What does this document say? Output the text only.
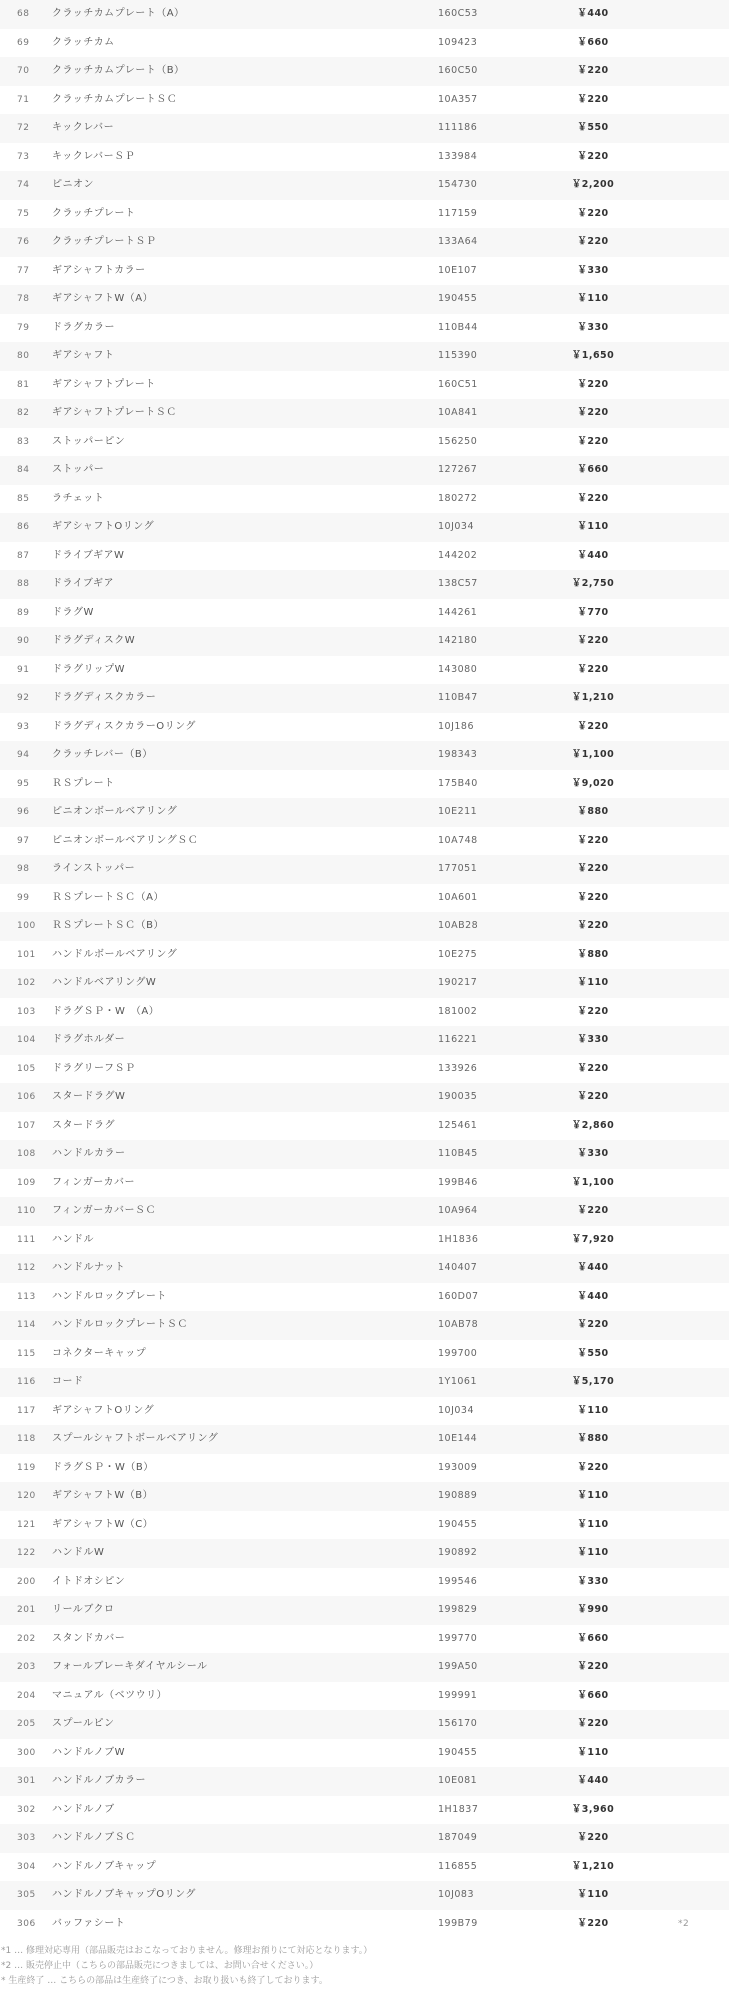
68 クラッチカムプレート（A）	160C53	￥440
69 クラッチカム	109423	￥660
70 クラッチカムプレート（B）	160C50	￥220
71 クラッチカムプレートＳＣ	10A357	￥220
72 キックレバー	111186	￥550
73 キックレバーＳＰ	133984	￥220
74 ピニオン	154730	￥2,200
75 クラッチプレート	117159	￥220
76 クラッチプレートＳＰ	133A64	￥220
77 ギアシャフトカラー	10E107	￥330
78 ギアシャフトW（A）	190455	￥110
79 ドラグカラー	110B44	￥330
80 ギアシャフト	115390	￥1,650
81 ギアシャフトプレート	160C51	￥220
82 ギアシャフトプレートＳＣ	10A841	￥220
83 ストッパーピン	156250	￥220
84 ストッパー	127267	￥660
85 ラチェット	180272	￥220
86 ギアシャフトOリング	10J034	￥110
87 ドライブギアW	144202	￥440
88 ドライブギア	138C57	￥2,750
89 ドラグW	144261	￥770
90 ドラグディスクW	142180	￥220
91 ドラグリップW	143080	￥220
92 ドラグディスクカラー	110B47	￥1,210
93 ドラグディスクカラーOリング	10J186	￥220
94 クラッチレバー（B）	198343	￥1,100
95 ＲＳプレート	175B40	￥9,020
96 ピニオンボールベアリング	10E211	￥880
97 ピニオンボールベアリングＳＣ	10A748	￥220
98 ラインストッパー	177051	￥220
99 ＲＳプレートＳＣ（A）	10A601	￥220
100 ＲＳプレートＳＣ（B）	10AB28	￥220
101 ハンドルボールベアリング	10E275	￥880
102 ハンドルベアリングW	190217	￥110
103 ドラグＳＰ・W　（A）	181002	￥220
104 ドラグホルダー	116221	￥330
105 ドラグリーフＳＰ	133926	￥220
106 スタードラグW	190035	￥220
107 スタードラグ	125461	￥2,860
108 ハンドルカラー	110B45	￥330
109 フィンガーカバー	199B46	￥1,100
110 フィンガーカバーＳＣ	10A964	￥220
111 ハンドル	1H1836	￥7,920
112 ハンドルナット	140407	￥440
113 ハンドルロックプレート	160D07	￥440
114 ハンドルロックプレートＳＣ	10AB78	￥220
115 コネクターキャップ	199700	￥550
116 コード	1Y1061	￥5,170
117 ギアシャフトOリング	10J034	￥110
118 スプールシャフトボールベアリング	10E144	￥880
119 ドラグＳＰ・W（B）	193009	￥220
120 ギアシャフトW（B）	190889	￥110
121 ギアシャフトW（C）	190455	￥110
122 ハンドルW	190892	￥110
200 イトドオシピン	199546	￥330
201 リールブクロ	199829	￥990
202 スタンドカバー	199770	￥660
203 フォールブレーキダイヤルシール	199A50	￥220
204 マニュアル（ベツウリ）	199991	￥660
205 スプールピン	156170	￥220
300 ハンドルノブW	190455	￥110
301 ハンドルノブカラー	10E081	￥440
302 ハンドルノブ	1H1837	￥3,960
303 ハンドルノブＳＣ	187049	￥220
304 ハンドルノブキャップ	116855	￥1,210
305 ハンドルノブキャップOリング	10J083	￥110
306 バッファシート	199B79	￥220	*2
*1 … 修理対応専用（部品販売はおこなっておりません。修理お預りにて対応となります。）
*2 … 販売停止中（こちらの部品販売につきましては、お問い合せください。）
* 生産終了 … こちらの部品は生産終了につき、お取り扱いも終了しております。
